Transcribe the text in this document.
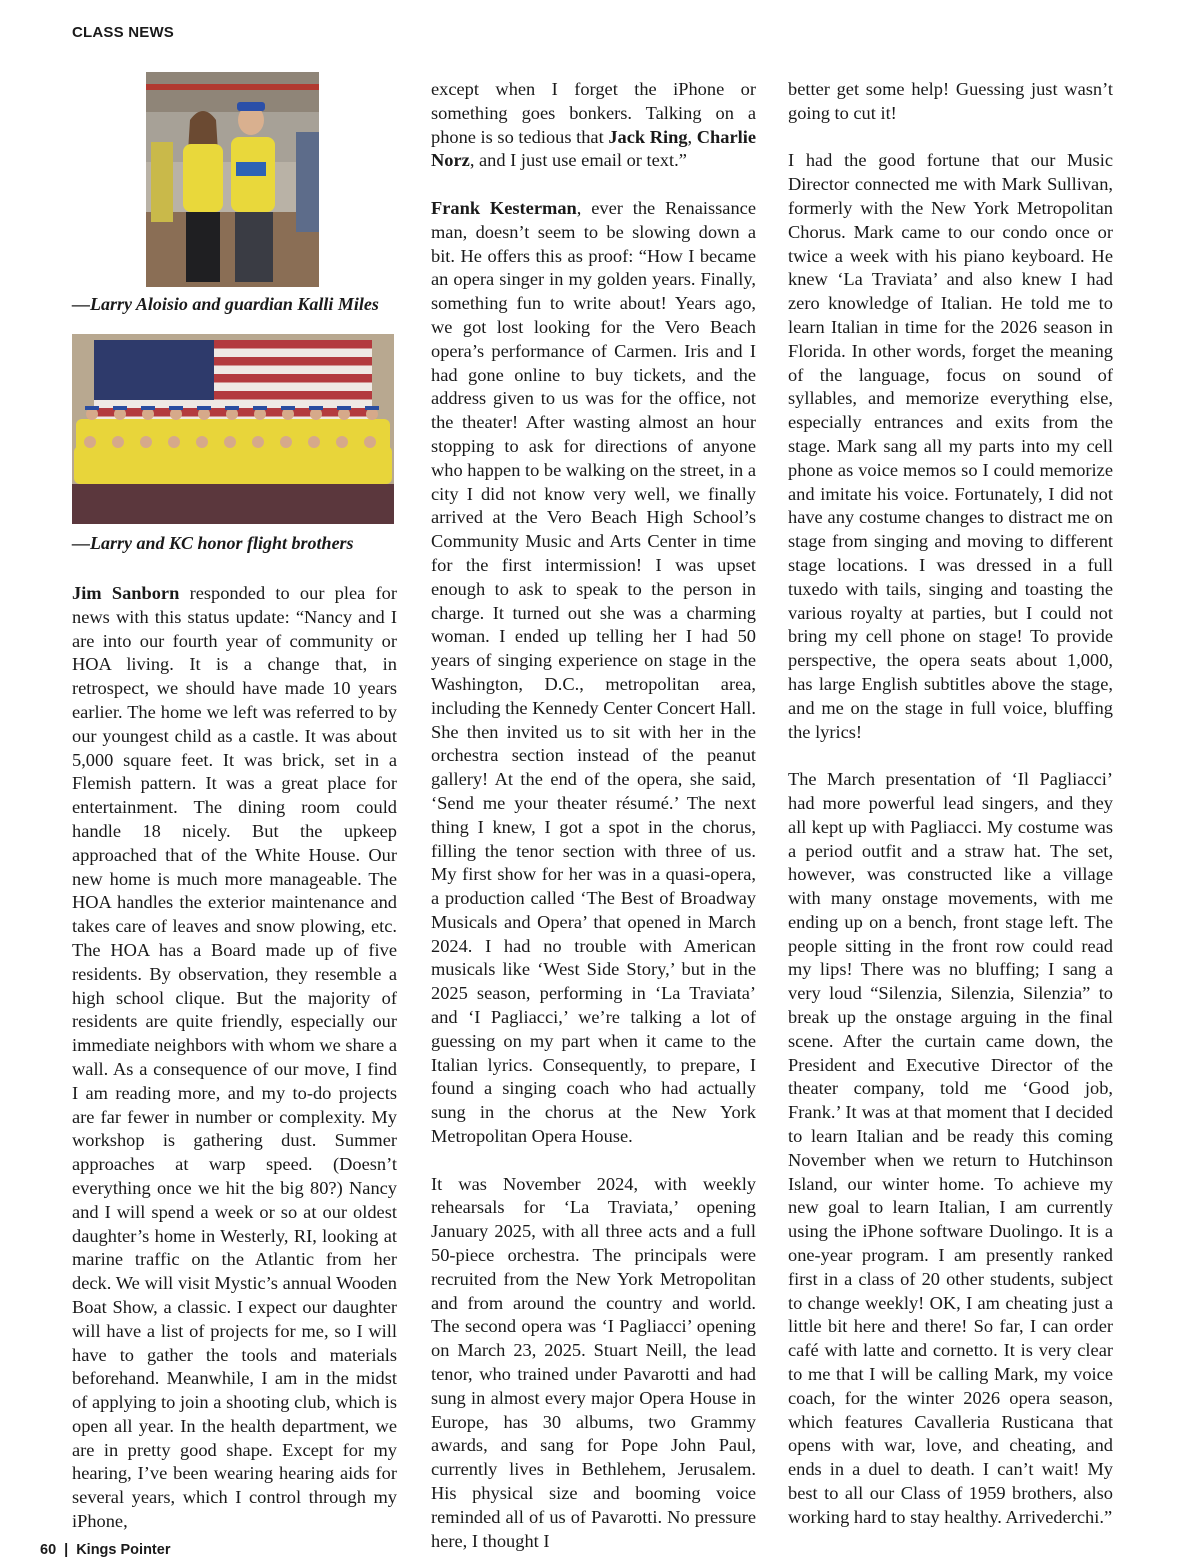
CLASS NEWS
—Larry Aloisio and guardian Kalli Miles
—Larry and KC honor flight brothers

Jim Sanborn responded to our plea for news with this status update: “Nancy and I are into our fourth year of community or HOA living. It is a change that, in retrospect, we should have made 10 years earlier. The home we left was referred to by our youngest child as a castle. It was about 5,000 square feet. It was brick, set in a Flemish pattern. It was a great place for entertainment. The dining room could handle 18 nicely. But the upkeep approached that of the White House. Our new home is much more manageable. The HOA handles the exterior maintenance and takes care of leaves and snow plowing, etc. The HOA has a Board made up of five residents. By observation, they resemble a high school clique. But the majority of residents are quite friendly, especially our immediate neighbors with whom we share a wall. As a consequence of our move, I find I am reading more, and my to-do projects are far fewer in number or complexity. My workshop is gathering dust. Summer approaches at warp speed. (Doesn’t everything once we hit the big 80?) Nancy and I will spend a week or so at our oldest daughter’s home in Westerly, RI, looking at marine traffic on the Atlantic from her deck. We will visit Mystic’s annual Wooden Boat Show, a classic. I expect our daughter will have a list of projects for me, so I will have to gather the tools and materials beforehand. Meanwhile, I am in the midst of applying to join a shooting club, which is open all year. In the health department, we are in pretty good shape. Except for my hearing, I’ve been wearing hearing aids for several years, which I control through my iPhone,

except when I forget the iPhone or something goes bonkers. Talking on a phone is so tedious that Jack Ring, Charlie Norz, and I just use email or text.”

Frank Kesterman, ever the Renaissance man, doesn’t seem to be slowing down a bit. He offers this as proof: “How I became an opera singer in my golden years. Finally, something fun to write about! Years ago, we got lost looking for the Vero Beach opera’s performance of Carmen. Iris and I had gone online to buy tickets, and the address given to us was for the office, not the theater! After wasting almost an hour stopping to ask for directions of anyone who happen to be walking on the street, in a city I did not know very well, we finally arrived at the Vero Beach High School’s Community Music and Arts Center in time for the first intermission! I was upset enough to ask to speak to the person in charge. It turned out she was a charming woman. I ended up telling her I had 50 years of singing experience on stage in the Washington, D.C., metropolitan area, including the Kennedy Center Concert Hall. She then invited us to sit with her in the orchestra section instead of the peanut gallery! At the end of the opera, she said, ‘Send me your theater résumé.’ The next thing I knew, I got a spot in the chorus, filling the tenor section with three of us. My first show for her was in a quasi-opera, a production called ‘The Best of Broadway Musicals and Opera’ that opened in March 2024. I had no trouble with American musicals like ‘West Side Story,’ but in the 2025 season, performing in ‘La Traviata’ and ‘I Pagliacci,’ we’re talking a lot of guessing on my part when it came to the Italian lyrics. Consequently, to prepare, I found a singing coach who had actually sung in the chorus at the New York Metropolitan Opera House.

It was November 2024, with weekly rehearsals for ‘La Traviata,’ opening January 2025, with all three acts and a full 50-piece orchestra. The principals were recruited from the New York Metropolitan and from around the country and world. The second opera was ‘I Pagliacci’ opening on March 23, 2025. Stuart Neill, the lead tenor, who trained under Pavarotti and had sung in almost every major Opera House in Europe, has 30 albums, two Grammy awards, and sang for Pope John Paul, currently lives in Bethlehem, Jerusalem. His physical size and booming voice reminded all of us of Pavarotti. No pressure here, I thought I

better get some help! Guessing just wasn’t going to cut it!

I had the good fortune that our Music Director connected me with Mark Sullivan, formerly with the New York Metropolitan Chorus. Mark came to our condo once or twice a week with his piano keyboard. He knew ‘La Traviata’ and also knew I had zero knowledge of Italian. He told me to learn Italian in time for the 2026 season in Florida. In other words, forget the meaning of the language, focus on sound of syllables, and memorize everything else, especially entrances and exits from the stage. Mark sang all my parts into my cell phone as voice memos so I could memorize and imitate his voice. Fortunately, I did not have any costume changes to distract me on stage from singing and moving to different stage locations. I was dressed in a full tuxedo with tails, singing and toasting the various royalty at parties, but I could not bring my cell phone on stage! To provide perspective, the opera seats about 1,000, has large English subtitles above the stage, and me on the stage in full voice, bluffing the lyrics!

The March presentation of ‘Il Pagliacci’ had more powerful lead singers, and they all kept up with Pagliacci. My costume was a period outfit and a straw hat. The set, however, was constructed like a village with many onstage movements, with me ending up on a bench, front stage left. The people sitting in the front row could read my lips! There was no bluffing; I sang a very loud “Silenzia, Silenzia, Silenzia” to break up the onstage arguing in the final scene. After the curtain came down, the President and Executive Director of the theater company, told me ‘Good job, Frank.’ It was at that moment that I decided to learn Italian and be ready this coming November when we return to Hutchinson Island, our winter home. To achieve my new goal to learn Italian, I am currently using the iPhone software Duolingo. It is a one-year program. I am presently ranked first in a class of 20 other students, subject to change weekly! OK, I am cheating just a little bit here and there! So far, I can order café with latte and cornetto. It is very clear to me that I will be calling Mark, my voice coach, for the winter 2026 opera season, which features Cavalleria Rusticana that opens with war, love, and cheating, and ends in a duel to death. I can’t wait! My best to all our Class of 1959 brothers, also working hard to stay healthy. Arrivederchi.”

60 | Kings Pointer
